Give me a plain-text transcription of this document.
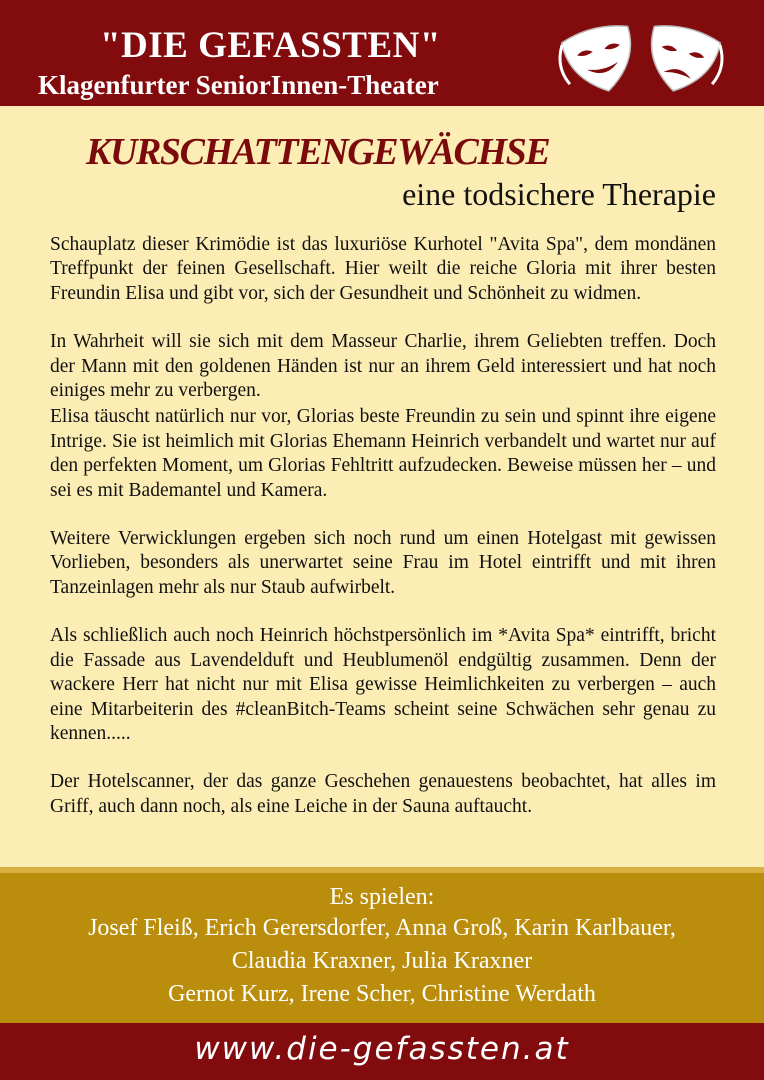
"DIE GEFASSTEN"
Klagenfurter SeniorInnen-Theater
KURSCHATTENGEWÄCHSE
eine todsichere Therapie

Schauplatz dieser Krimödie ist das luxuriöse Kurhotel "Avita Spa", dem mondänen Treffpunkt der feinen Gesellschaft. Hier weilt die reiche Gloria mit ihrer besten Freundin Elisa und gibt vor, sich der Gesundheit und Schönheit zu widmen.

In Wahrheit will sie sich mit dem Masseur Charlie, ihrem Geliebten treffen. Doch der Mann mit den goldenen Händen ist nur an ihrem Geld interessiert und hat noch einiges mehr zu verbergen.

Elisa täuscht natürlich nur vor, Glorias beste Freundin zu sein und spinnt ihre eigene Intrige. Sie ist heimlich mit Glorias Ehemann Heinrich verbandelt und wartet nur auf den perfekten Moment, um Glorias Fehltritt aufzudecken. Beweise müssen her – und sei es mit Bademantel und Kamera.

Weitere Verwicklungen ergeben sich noch rund um einen Hotelgast mit gewissen Vorlieben, besonders als unerwartet seine Frau im Hotel eintrifft und mit ihren Tanzeinlagen mehr als nur Staub aufwirbelt.

Als schließlich auch noch Heinrich höchstpersönlich im *Avita Spa* eintrifft, bricht die Fassade aus Lavendelduft und Heublumenöl endgültig zusammen. Denn der wackere Herr hat nicht nur mit Elisa gewisse Heimlichkeiten zu verbergen – auch eine Mitarbeiterin des #cleanBitch-Teams scheint seine Schwächen sehr genau zu kennen.....

Der Hotelscanner, der das ganze Geschehen genauestens beobachtet, hat alles im Griff, auch dann noch, als eine Leiche in der Sauna auftaucht.

Es spielen:
Josef Fleiß, Erich Gerersdorfer, Anna Groß, Karin Karlbauer,
Claudia Kraxner, Julia Kraxner
Gernot Kurz, Irene Scher, Christine Werdath
www.die-gefassten.at
